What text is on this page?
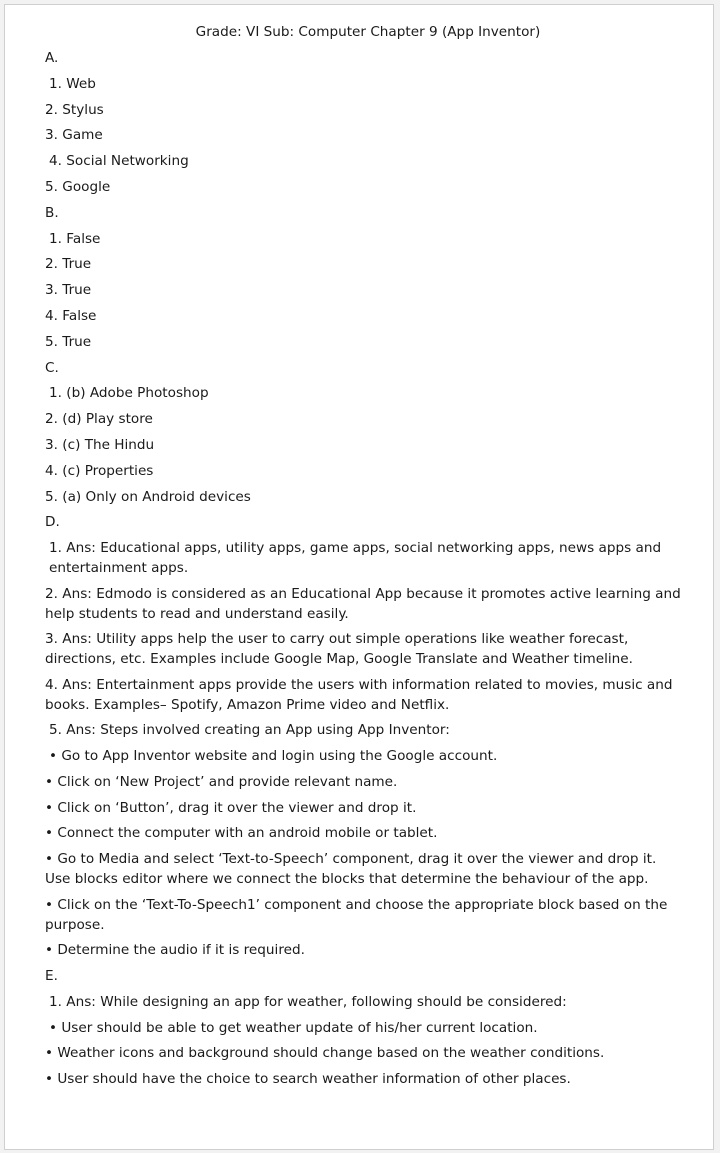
Grade: VI Sub: Computer Chapter 9 (App Inventor)
A.
1. Web
2. Stylus
3. Game
4. Social Networking
5. Google
B.
1. False
2. True
3. True
4. False
5. True
C.
1. (b) Adobe Photoshop
2. (d) Play store
3. (c) The Hindu
4. (c) Properties
5. (a) Only on Android devices
D.
1. Ans: Educational apps, utility apps, game apps, social networking apps, news apps and entertainment apps.
2. Ans: Edmodo is considered as an Educational App because it promotes active learning and help students to read and understand easily.
3. Ans: Utility apps help the user to carry out simple operations like weather forecast, directions, etc. Examples include Google Map, Google Translate and Weather timeline.
4. Ans: Entertainment apps provide the users with information related to movies, music and books. Examples– Spotify, Amazon Prime video and Netflix.
5. Ans: Steps involved creating an App using App Inventor:
• Go to App Inventor website and login using the Google account.
• Click on ‘New Project’ and provide relevant name.
• Click on ‘Button’, drag it over the viewer and drop it.
• Connect the computer with an android mobile or tablet.
• Go to Media and select ‘Text-to-Speech’ component, drag it over the viewer and drop it. Use blocks editor where we connect the blocks that determine the behaviour of the app.
• Click on the ‘Text-To-Speech1’ component and choose the appropriate block based on the purpose.
• Determine the audio if it is required.
E.
1. Ans: While designing an app for weather, following should be considered:
• User should be able to get weather update of his/her current location.
• Weather icons and background should change based on the weather conditions.
• User should have the choice to search weather information of other places.
